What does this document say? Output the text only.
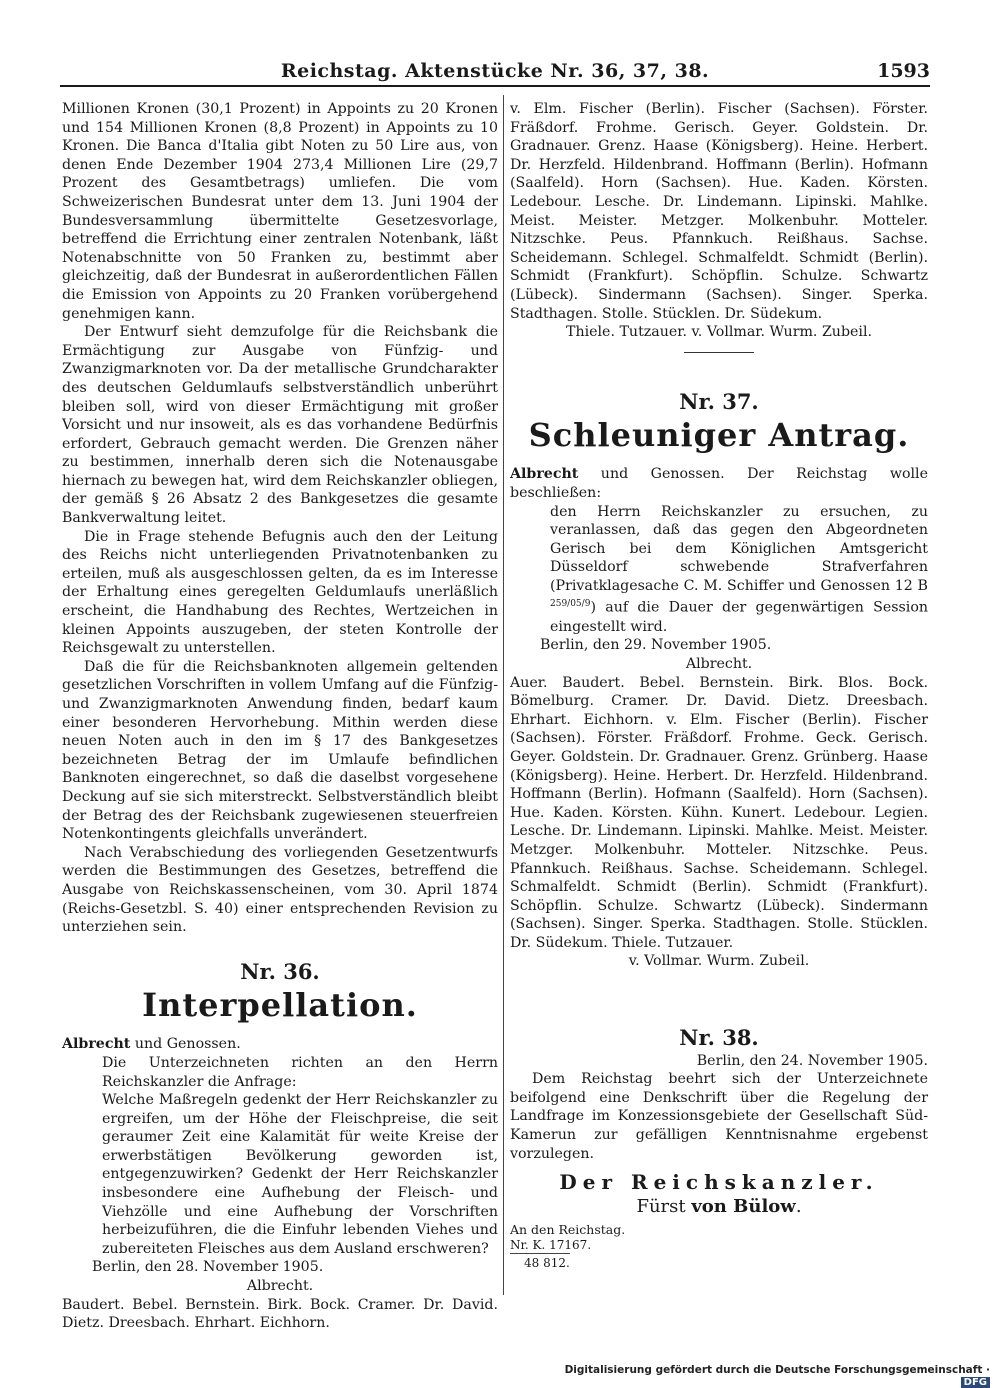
Reichstag. Aktenstücke Nr. 36, 37, 38.	1593

Millionen Kronen (30,1 Prozent) in Appoints zu 20 Kronen und 154 Millionen Kronen (8,8 Prozent) in Appoints zu 10 Kronen. Die Banca d'Italia gibt Noten zu 50 Lire aus, von denen Ende Dezember 1904 273,4 Millionen Lire (29,7 Prozent des Gesamtbetrags) umliefen. Die vom Schweizerischen Bundesrat unter dem 13. Juni 1904 der Bundesversammlung übermittelte Gesetzesvorlage, betreffend die Errichtung einer zentralen Notenbank, läßt Notenabschnitte von 50 Franken zu, bestimmt aber gleichzeitig, daß der Bundesrat in außerordentlichen Fällen die Emission von Appoints zu 20 Franken vorübergehend genehmigen kann.

Der Entwurf sieht demzufolge für die Reichsbank die Ermächtigung zur Ausgabe von Fünfzig- und Zwanzigmarknoten vor. Da der metallische Grundcharakter des deutschen Geldumlaufs selbstverständlich unberührt bleiben soll, wird von dieser Ermächtigung mit großer Vorsicht und nur insoweit, als es das vorhandene Bedürfnis erfordert, Gebrauch gemacht werden. Die Grenzen näher zu bestimmen, innerhalb deren sich die Notenausgabe hiernach zu bewegen hat, wird dem Reichskanzler obliegen, der gemäß § 26 Absatz 2 des Bankgesetzes die gesamte Bankverwaltung leitet.

Die in Frage stehende Befugnis auch den der Leitung des Reichs nicht unterliegenden Privatnotenbanken zu erteilen, muß als ausgeschlossen gelten, da es im Interesse der Erhaltung eines geregelten Geldumlaufs unerläßlich erscheint, die Handhabung des Rechtes, Wertzeichen in kleinen Appoints auszugeben, der steten Kontrolle der Reichsgewalt zu unterstellen.

Daß die für die Reichsbanknoten allgemein geltenden gesetzlichen Vorschriften in vollem Umfang auf die Fünfzig- und Zwanzigmarknoten Anwendung finden, bedarf kaum einer besonderen Hervorhebung. Mithin werden diese neuen Noten auch in den im § 17 des Bankgesetzes bezeichneten Betrag der im Umlaufe befindlichen Banknoten eingerechnet, so daß die daselbst vorgesehene Deckung auf sie sich miterstreckt. Selbstverständlich bleibt der Betrag des der Reichsbank zugewiesenen steuerfreien Notenkontingents gleichfalls unverändert.

Nach Verabschiedung des vorliegenden Gesetzentwurfs werden die Bestimmungen des Gesetzes, betreffend die Ausgabe von Reichskassenscheinen, vom 30. April 1874 (Reichs-Gesetzbl. S. 40) einer entsprechenden Revision zu unterziehen sein.

Nr. 36.
Interpellation.

Albrecht und Genossen.

Die Unterzeichneten richten an den Herrn Reichskanzler die Anfrage:

Welche Maßregeln gedenkt der Herr Reichskanzler zu ergreifen, um der Höhe der Fleischpreise, die seit geraumer Zeit eine Kalamität für weite Kreise der erwerbstätigen Bevölkerung geworden ist, entgegenzuwirken? Gedenkt der Herr Reichskanzler insbesondere eine Aufhebung der Fleisch- und Viehzölle und eine Aufhebung der Vorschriften herbeizuführen, die die Einfuhr lebenden Viehes und zubereiteten Fleisches aus dem Ausland erschweren?

Berlin, den 28. November 1905.

Albrecht.

Baudert. Bebel. Bernstein. Birk. Bock. Cramer. Dr. David. Dietz. Dreesbach. Ehrhart. Eichhorn.

v. Elm. Fischer (Berlin). Fischer (Sachsen). Förster. Fräßdorf. Frohme. Gerisch. Geyer. Goldstein. Dr. Gradnauer. Grenz. Haase (Königsberg). Heine. Herbert. Dr. Herzfeld. Hildenbrand. Hoffmann (Berlin). Hofmann (Saalfeld). Horn (Sachsen). Hue. Kaden. Körsten. Ledebour. Lesche. Dr. Lindemann. Lipinski. Mahlke. Meist. Meister. Metzger. Molkenbuhr. Motteler. Nitzschke. Peus. Pfannkuch. Reißhaus. Sachse. Scheidemann. Schlegel. Schmalfeldt. Schmidt (Berlin). Schmidt (Frankfurt). Schöpflin. Schulze. Schwartz (Lübeck). Sindermann (Sachsen). Singer. Sperka. Stadthagen. Stolle. Stücklen. Dr. Südekum.

Thiele. Tutzauer. v. Vollmar. Wurm. Zubeil.

Nr. 37.
Schleuniger Antrag.

Albrecht und Genossen. Der Reichstag wolle beschließen:

den Herrn Reichskanzler zu ersuchen, zu veranlassen, daß das gegen den Abgeordneten Gerisch bei dem Königlichen Amtsgericht Düsseldorf schwebende Strafverfahren (Privatklagesache C. M. Schiffer und Genossen 12 B $^{259/05/9}$) auf die Dauer der gegenwärtigen Session eingestellt wird.

Berlin, den 29. November 1905.

Albrecht.

Auer. Baudert. Bebel. Bernstein. Birk. Blos. Bock. Bömelburg. Cramer. Dr. David. Dietz. Dreesbach. Ehrhart. Eichhorn. v. Elm. Fischer (Berlin). Fischer (Sachsen). Förster. Fräßdorf. Frohme. Geck. Gerisch. Geyer. Goldstein. Dr. Gradnauer. Grenz. Grünberg. Haase (Königsberg). Heine. Herbert. Dr. Herzfeld. Hildenbrand. Hoffmann (Berlin). Hofmann (Saalfeld). Horn (Sachsen). Hue. Kaden. Körsten. Kühn. Kunert. Ledebour. Legien. Lesche. Dr. Lindemann. Lipinski. Mahlke. Meist. Meister. Metzger. Molkenbuhr. Motteler. Nitzschke. Peus. Pfannkuch. Reißhaus. Sachse. Scheidemann. Schlegel. Schmalfeldt. Schmidt (Berlin). Schmidt (Frankfurt). Schöpflin. Schulze. Schwartz (Lübeck). Sindermann (Sachsen). Singer. Sperka. Stadthagen. Stolle. Stücklen. Dr. Südekum. Thiele. Tutzauer.

v. Vollmar. Wurm. Zubeil.

Nr. 38.

Berlin, den 24. November 1905.

Dem Reichstag beehrt sich der Unterzeichnete beifolgend eine Denkschrift über die Regelung der Landfrage im Konzessionsgebiete der Gesellschaft Süd-Kamerun zur gefälligen Kenntnisnahme ergebenst vorzulegen.

Der Reichskanzler.
Fürst von Bülow.

An den Reichstag.

Nr. K. 17167.

48 812.
Digitalisierung gefördert durch die Deutsche Forschungsgemeinschaft ·DFG
